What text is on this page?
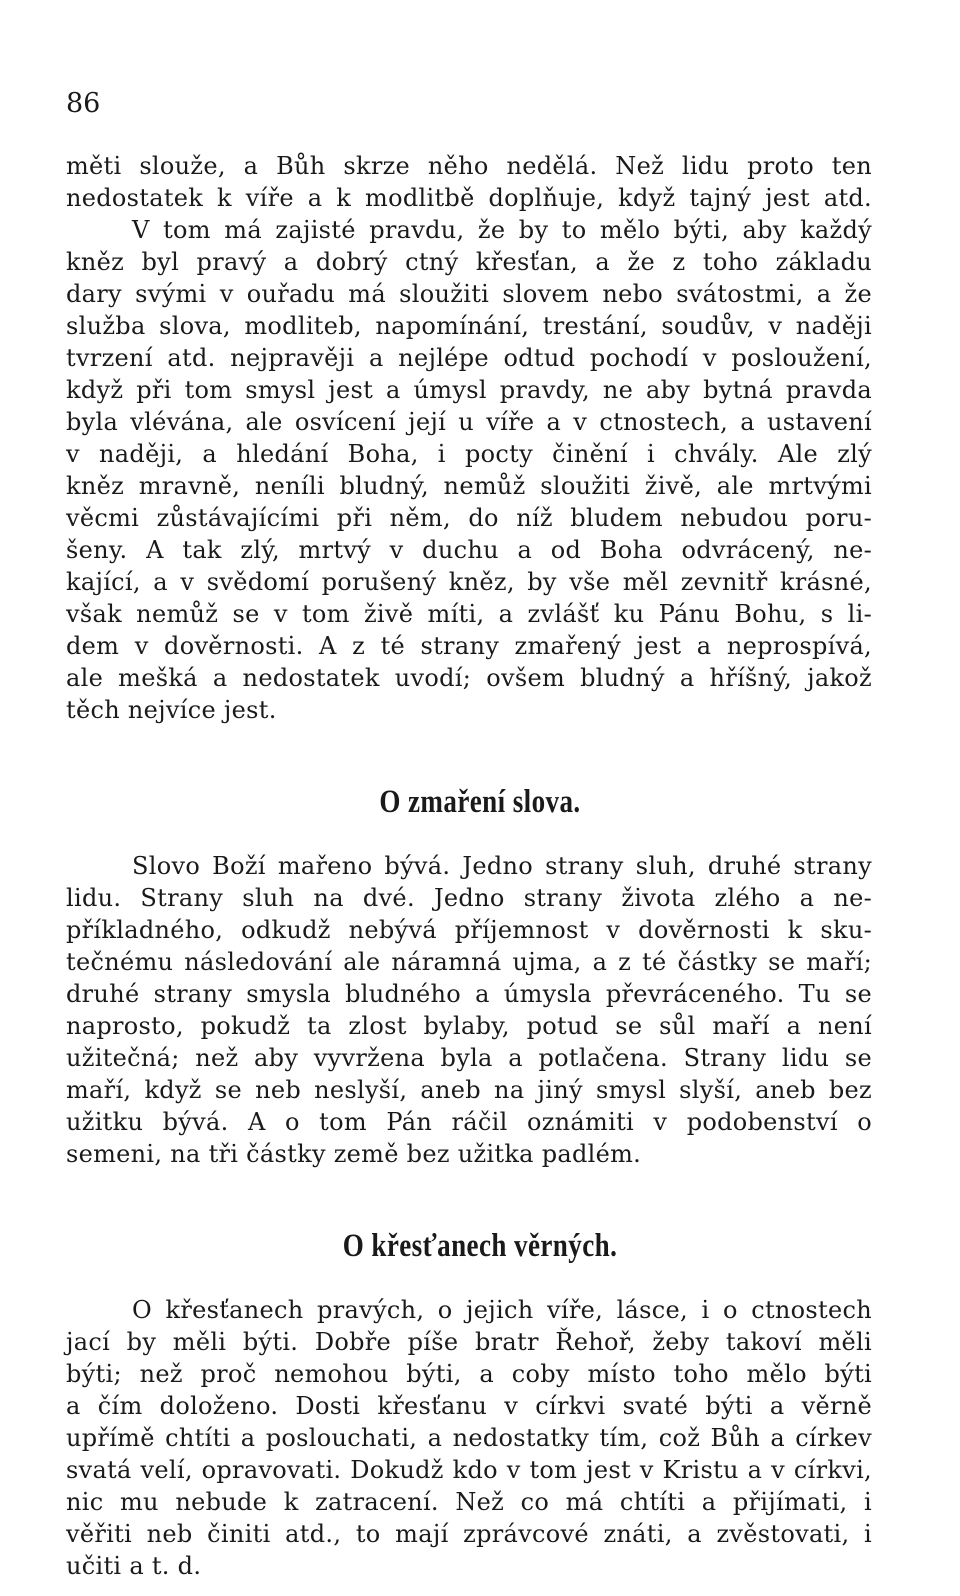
86
měti slouže, a Bůh skrze něho nedělá. Než lidu proto ten
nedostatek k víře a k modlitbě doplňuje, když tajný jest atd.
V tom má zajisté pravdu, že by to mělo býti, aby každý
kněz byl pravý a dobrý ctný křesťan, a že z toho základu
dary svými v ouřadu má sloužiti slovem nebo svátostmi, a že
služba slova, modliteb, napomínání, trestání, soudův, v naději
tvrzení atd. nejpravěji a nejlépe odtud pochodí v posloužení,
když při tom smysl jest a úmysl pravdy, ne aby bytná pravda
byla vlévána, ale osvícení její u víře a v ctnostech, a ustavení
v naději, a hledání Boha, i pocty činění i chvály. Ale zlý
kněz mravně, neníli bludný, nemůž sloužiti živě, ale mrtvými
věcmi zůstávajícími při něm, do níž bludem nebudou poru-
šeny. A tak zlý, mrtvý v duchu a od Boha odvrácený, ne-
kající, a v svědomí porušený kněz, by vše měl zevnitř krásné,
však nemůž se v tom živě míti, a zvlášť ku Pánu Bohu, s li-
dem v dověrnosti. A z té strany zmařený jest a neprospívá,
ale mešká a nedostatek uvodí; ovšem bludný a hříšný, jakož
těch nejvíce jest.
O zmaření slova.
Slovo Boží mařeno bývá. Jedno strany sluh, druhé strany
lidu. Strany sluh na dvé. Jedno strany života zlého a ne-
příkladného, odkudž nebývá příjemnost v dověrnosti k sku-
tečnému následování ale náramná ujma, a z té částky se maří;
druhé strany smysla bludného a úmysla převráceného. Tu se
naprosto, pokudž ta zlost bylaby, potud se sůl maří a není
užitečná; než aby vyvržena byla a potlačena. Strany lidu se
maří, když se neb neslyší, aneb na jiný smysl slyší, aneb bez
užitku bývá. A o tom Pán ráčil oznámiti v podobenství o
semeni, na tři částky země bez užitka padlém.
O křesťanech věrných.
O křesťanech pravých, o jejich víře, lásce, i o ctnostech
jací by měli býti. Dobře píše bratr Řehoř, žeby takoví měli
býti; než proč nemohou býti, a coby místo toho mělo býti
a čím doloženo. Dosti křesťanu v církvi svaté býti a věrně
upřímě chtíti a poslouchati, a nedostatky tím, což Bůh a církev
svatá velí, opravovati. Dokudž kdo v tom jest v Kristu a v církvi,
nic mu nebude k zatracení. Než co má chtíti a přijímati, i
věřiti neb činiti atd., to mají zprávcové znáti, a zvěstovati, i
učiti a t. d.
